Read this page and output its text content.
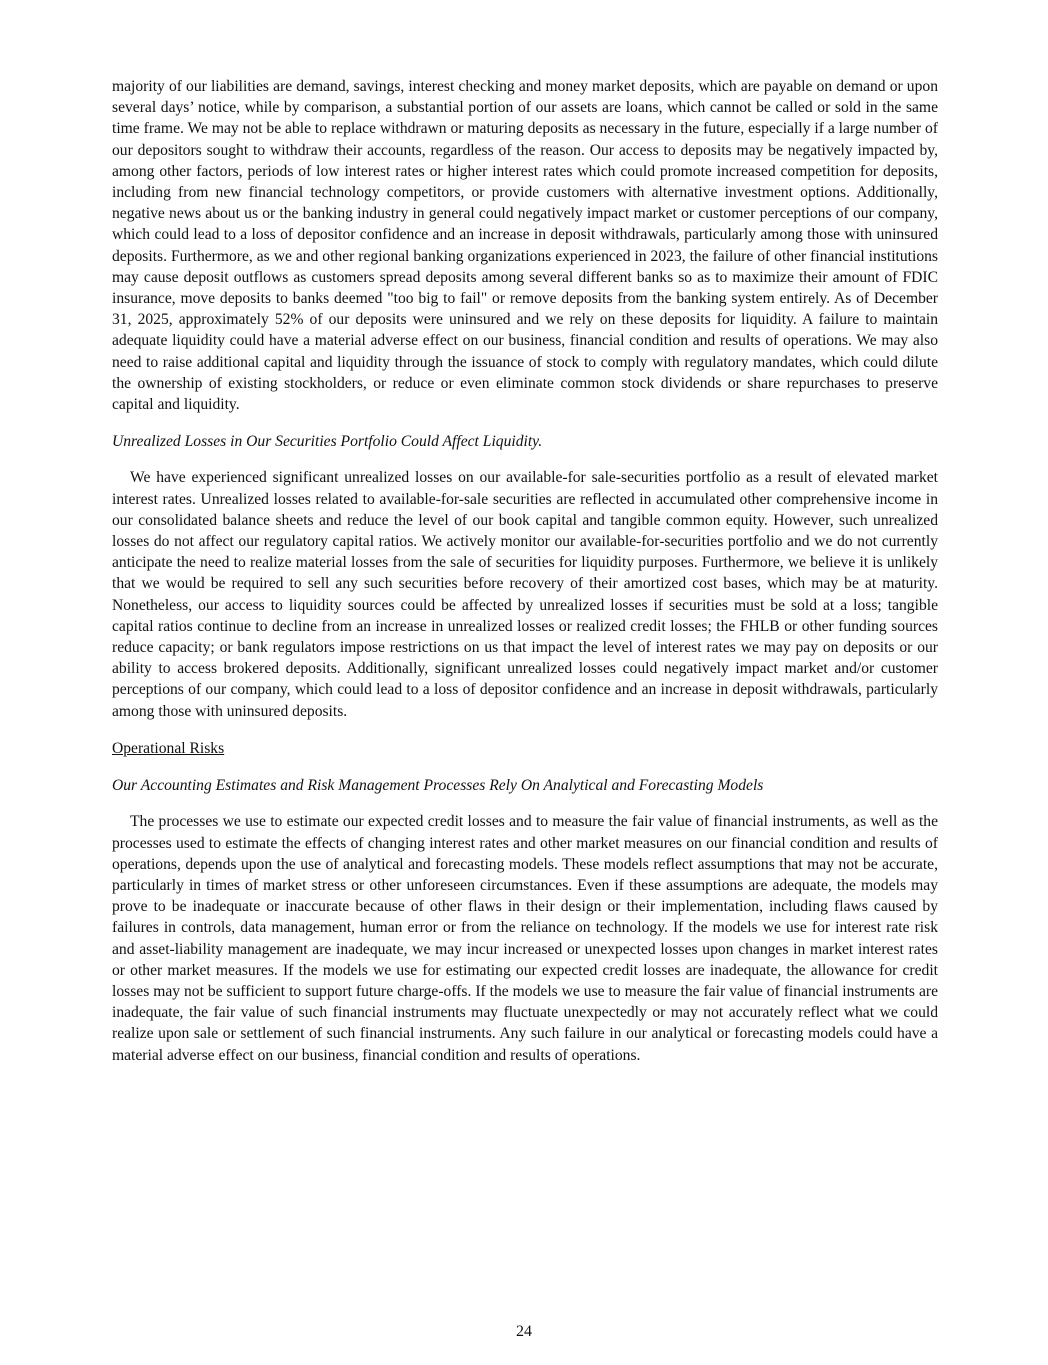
majority of our liabilities are demand, savings, interest checking and money market deposits, which are payable on demand or upon several days’ notice, while by comparison, a substantial portion of our assets are loans, which cannot be called or sold in the same time frame. We may not be able to replace withdrawn or maturing deposits as necessary in the future, especially if a large number of our depositors sought to withdraw their accounts, regardless of the reason. Our access to deposits may be negatively impacted by, among other factors, periods of low interest rates or higher interest rates which could promote increased competition for deposits, including from new financial technology competitors, or provide customers with alternative investment options. Additionally, negative news about us or the banking industry in general could negatively impact market or customer perceptions of our company, which could lead to a loss of depositor confidence and an increase in deposit withdrawals, particularly among those with uninsured deposits. Furthermore, as we and other regional banking organizations experienced in 2023, the failure of other financial institutions may cause deposit outflows as customers spread deposits among several different banks so as to maximize their amount of FDIC insurance, move deposits to banks deemed "too big to fail" or remove deposits from the banking system entirely. As of December 31, 2025, approximately 52% of our deposits were uninsured and we rely on these deposits for liquidity. A failure to maintain adequate liquidity could have a material adverse effect on our business, financial condition and results of operations. We may also need to raise additional capital and liquidity through the issuance of stock to comply with regulatory mandates, which could dilute the ownership of existing stockholders, or reduce or even eliminate common stock dividends or share repurchases to preserve capital and liquidity.

Unrealized Losses in Our Securities Portfolio Could Affect Liquidity.

We have experienced significant unrealized losses on our available-for sale-securities portfolio as a result of elevated market interest rates. Unrealized losses related to available-for-sale securities are reflected in accumulated other comprehensive income in our consolidated balance sheets and reduce the level of our book capital and tangible common equity. However, such unrealized losses do not affect our regulatory capital ratios. We actively monitor our available-for-securities portfolio and we do not currently anticipate the need to realize material losses from the sale of securities for liquidity purposes. Furthermore, we believe it is unlikely that we would be required to sell any such securities before recovery of their amortized cost bases, which may be at maturity. Nonetheless, our access to liquidity sources could be affected by unrealized losses if securities must be sold at a loss; tangible capital ratios continue to decline from an increase in unrealized losses or realized credit losses; the FHLB or other funding sources reduce capacity; or bank regulators impose restrictions on us that impact the level of interest rates we may pay on deposits or our ability to access brokered deposits. Additionally, significant unrealized losses could negatively impact market and/or customer perceptions of our company, which could lead to a loss of depositor confidence and an increase in deposit withdrawals, particularly among those with uninsured deposits.

Operational Risks

Our Accounting Estimates and Risk Management Processes Rely On Analytical and Forecasting Models

The processes we use to estimate our expected credit losses and to measure the fair value of financial instruments, as well as the processes used to estimate the effects of changing interest rates and other market measures on our financial condition and results of operations, depends upon the use of analytical and forecasting models. These models reflect assumptions that may not be accurate, particularly in times of market stress or other unforeseen circumstances. Even if these assumptions are adequate, the models may prove to be inadequate or inaccurate because of other flaws in their design or their implementation, including flaws caused by failures in controls, data management, human error or from the reliance on technology. If the models we use for interest rate risk and asset-liability management are inadequate, we may incur increased or unexpected losses upon changes in market interest rates or other market measures. If the models we use for estimating our expected credit losses are inadequate, the allowance for credit losses may not be sufficient to support future charge-offs. If the models we use to measure the fair value of financial instruments are inadequate, the fair value of such financial instruments may fluctuate unexpectedly or may not accurately reflect what we could realize upon sale or settlement of such financial instruments. Any such failure in our analytical or forecasting models could have a material adverse effect on our business, financial condition and results of operations.

24
